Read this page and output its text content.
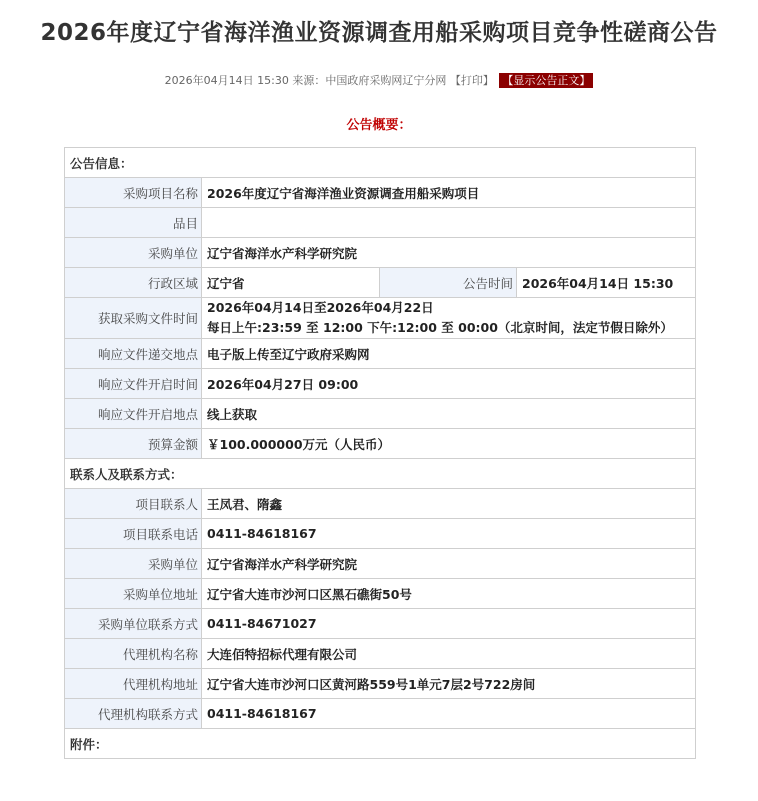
2026年度辽宁省海洋渔业资源调查用船采购项目竞争性磋商公告
2026年04月14日 15:30 来源：中国政府采购网辽宁分网 【打印】 【显示公告正文】
公告概要：
公告信息：			
采购项目名称	2026年度辽宁省海洋渔业资源调查用船采购项目		
品目			
采购单位	辽宁省海洋水产科学研究院		
行政区域	辽宁省	公告时间	2026年04月14日 15:30
获取采购文件时间	2026年04月14日至2026年04月22日
每日上午:23:59 至 12:00 下午:12:00 至 00:00（北京时间，法定节假日除外）		

响应文件递交地点	电子版上传至辽宁政府采购网		
响应文件开启时间	2026年04月27日 09:00		
响应文件开启地点	线上获取		
预算金额	￥100.000000万元（人民币）		
联系人及联系方式：			
项目联系人	王凤君、隋鑫		
项目联系电话	0411-84618167		
采购单位	辽宁省海洋水产科学研究院		
采购单位地址	辽宁省大连市沙河口区黑石礁街50号		
采购单位联系方式	0411-84671027		
代理机构名称	大连佰特招标代理有限公司		
代理机构地址	辽宁省大连市沙河口区黄河路559号1单元7层2号722房间		
代理机构联系方式	0411-84618167		
附件：			
